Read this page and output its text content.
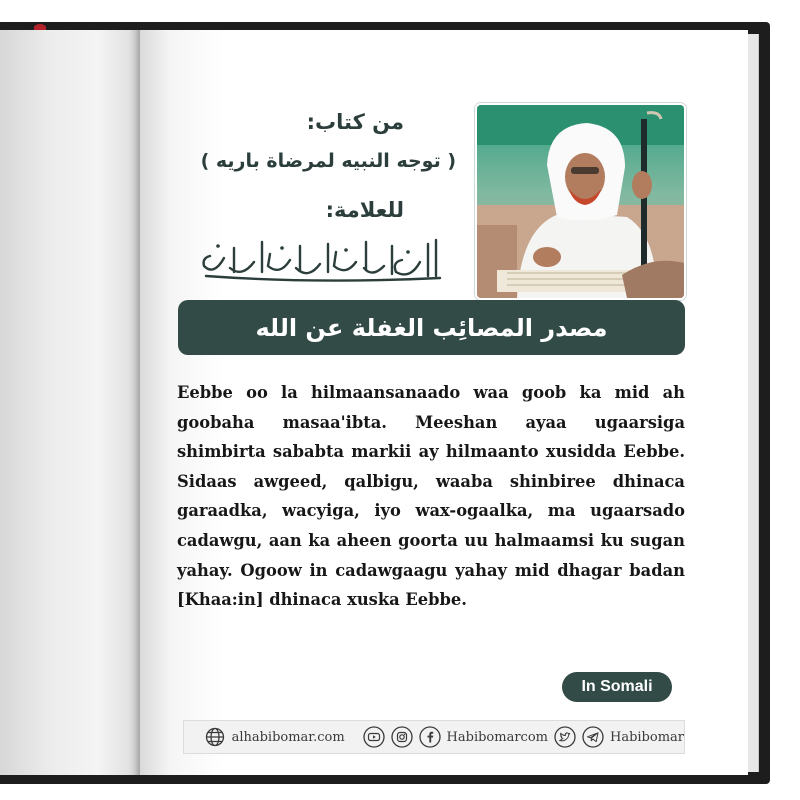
من كتاب:
( توجه النبيه لمرضاة باريه )
للعلامة:
مصدر المصائِب الغفلة عن الله
Eebbe oo la hilmaansanaado waa goob ka mid ah goobaha masaa'ibta. Meeshan ayaa ugaarsiga shimbirta sababta markii ay hilmaanto xusidda Eebbe. Sidaas awgeed, qalbigu, waaba shinbiree dhinaca garaadka, wacyiga, iyo wax-ogaalka, ma ugaarsado cadawgu, aan ka aheen goorta uu halmaamsi ku sugan yahay. Ogoow in cadawgaagu yahay mid dhagar badan [Khaa:in] dhinaca xuska Eebbe.
In Somali
alhabibomar.com	Habibomarcom	Habibomar
